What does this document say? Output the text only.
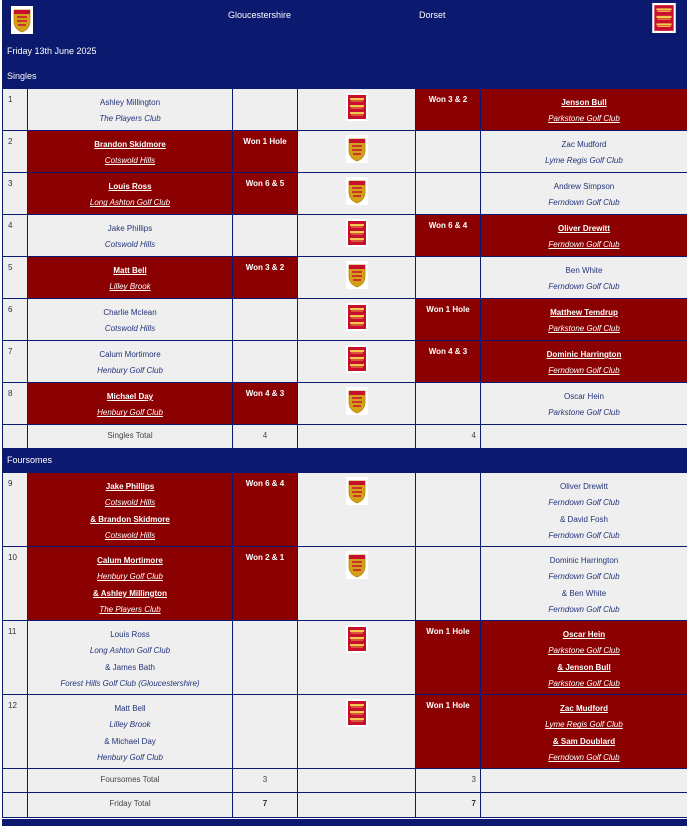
Gloucestershire	Dorset
Friday 13th June 2025
Singles
1	Ashley Millington
The Players Club			Won 3 & 2	Jenson Bull
Parkstone Golf Club

2	Brandon Skidmore
Cotswold Hills	Won 1 Hole			Zac Mudford
Lyme Regis Golf Club

3	Louis Ross
Long Ashton Golf Club	Won 6 & 5			Andrew Simpson
Ferndown Golf Club

4	Jake Phillips
Cotswold Hills			Won 6 & 4	Oliver Drewitt
Ferndown Golf Club

5	Matt Bell
Lilley Brook	Won 3 & 2			Ben White
Ferndown Golf Club

6	Charlie Mclean
Cotswold Hills			Won 1 Hole	Matthew Temdrup
Parkstone Golf Club

7	Calum Mortimore
Henbury Golf Club			Won 4 & 3	Dominic Harrington
Ferndown Golf Club

8	Michael Day
Henbury Golf Club	Won 4 & 3			Oscar Hein
Parkstone Golf Club

	Singles Total	4		4	
Foursomes
9	Jake Phillips
Cotswold Hills
& Brandon Skidmore
Cotswold Hills	Won 6 & 4			Oliver Drewitt
Ferndown Golf Club
& David Fosh
Ferndown Golf Club

10	Calum Mortimore
Henbury Golf Club
& Ashley Millington
The Players Club	Won 2 & 1			Dominic Harrington
Ferndown Golf Club
& Ben White
Ferndown Golf Club

11	Louis Ross
Long Ashton Golf Club
& James Bath
Forest Hills Golf Club (Gloucestershire)			Won 1 Hole	Oscar Hein
Parkstone Golf Club
& Jenson Bull
Parkstone Golf Club

12	Matt Bell
Lilley Brook
& Michael Day
Henbury Golf Club			Won 1 Hole	Zac Mudford
Lyme Regis Golf Club
& Sam Doublard
Ferndown Golf Club

	Foursomes Total	3		3	
	Friday Total	7		7	
